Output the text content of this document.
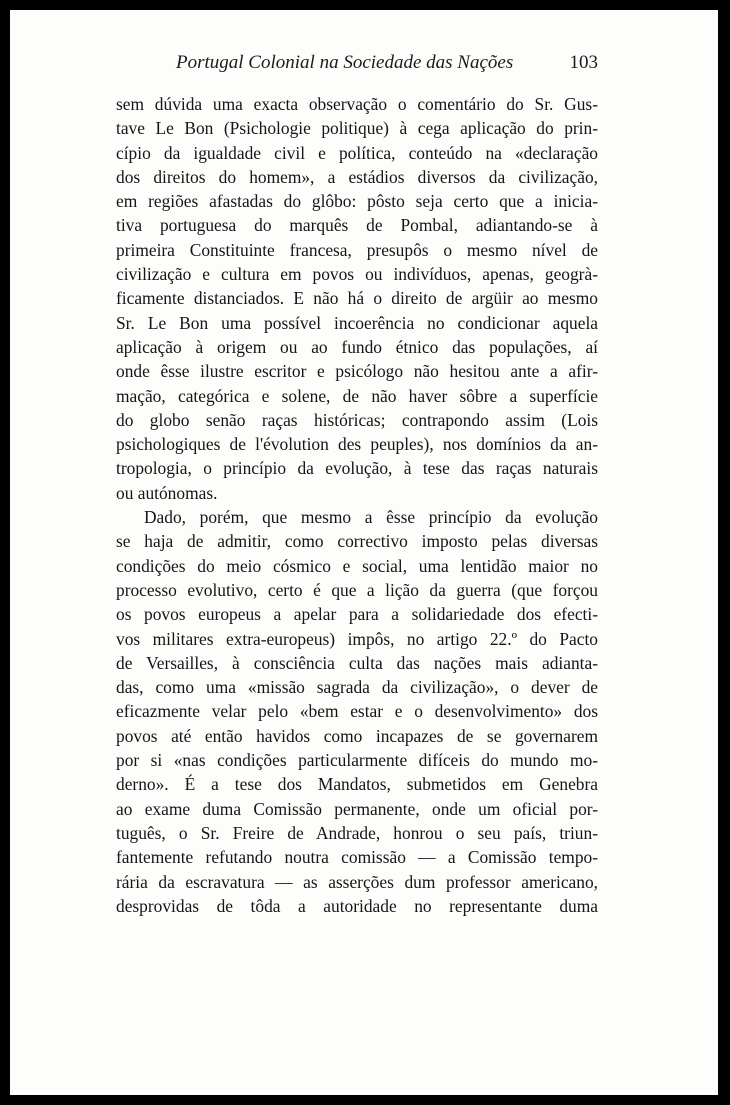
Portugal Colonial na Sociedade das Nações	103
sem dúvida uma exacta observação o comentário do Sr. Gus-
tave Le Bon (Psichologie politique) à cega aplicação do prin-
cípio da igualdade civil e política, conteúdo na «declaração
dos direitos do homem», a estádios diversos da civilização,
em regiões afastadas do glôbo: pôsto seja certo que a inicia-
tiva portuguesa do marquês de Pombal, adiantando-se à
primeira Constituinte francesa, presupôs o mesmo nível de
civilização e cultura em povos ou indivíduos, apenas, geogrà-
ficamente distanciados. E não há o direito de argüir ao mesmo
Sr. Le Bon uma possível incoerência no condicionar aquela
aplicação à origem ou ao fundo étnico das populações, aí
onde êsse ilustre escritor e psicólogo não hesitou ante a afir-
mação, categórica e solene, de não haver sôbre a superfície
do globo senão raças históricas; contrapondo assim (Lois
psichologiques de l'évolution des peuples), nos domínios da an-
tropologia, o princípio da evolução, à tese das raças naturais
ou autónomas.
Dado, porém, que mesmo a êsse princípio da evolução
se haja de admitir, como correctivo imposto pelas diversas
condições do meio cósmico e social, uma lentidão maior no
processo evolutivo, certo é que a lição da guerra (que forçou
os povos europeus a apelar para a solidariedade dos efecti-
vos militares extra-europeus) impôs, no artigo 22.º do Pacto
de Versailles, à consciência culta das nações mais adianta-
das, como uma «missão sagrada da civilização», o dever de
eficazmente velar pelo «bem estar e o desenvolvimento» dos
povos até então havidos como incapazes de se governarem
por si «nas condições particularmente difíceis do mundo mo-
derno». É a tese dos Mandatos, submetidos em Genebra
ao exame duma Comissão permanente, onde um oficial por-
tuguês, o Sr. Freire de Andrade, honrou o seu país, triun-
fantemente refutando noutra comissão — a Comissão tempo-
rária da escravatura — as asserções dum professor americano,
desprovidas de tôda a autoridade no representante duma
